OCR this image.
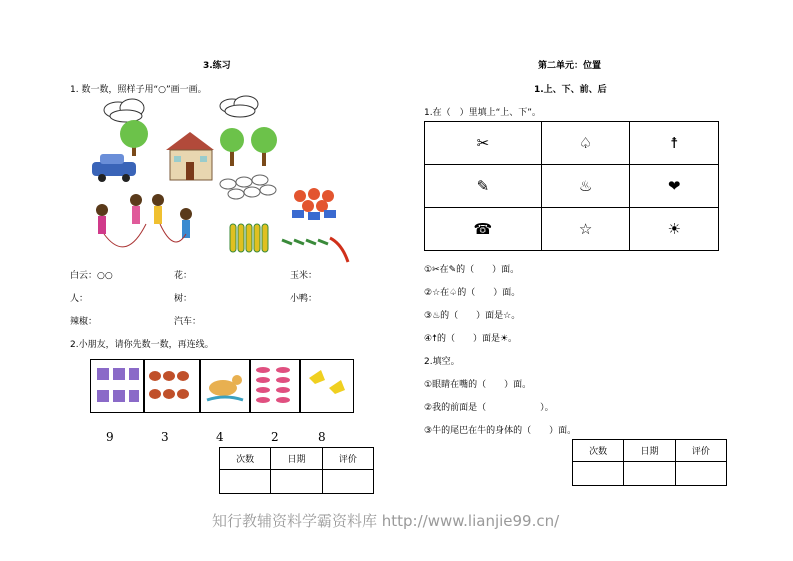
3.练习
1. 数一数，照样子用“○”画一画。
白云：○○	花：	玉米：
人：	树：	小鸭：
辣椒：	汽车：
2.小朋友，请你先数一数，再连线。
9	3	4	2	8
次数	日期	评价

第二单元：位置
1.上、下、前、后
1.在（　）里填上“上、下”。
✂	♤	☨
✎	♨	❤
☎	☆	☀
①✂在✎的（　　）面。
②☆在♤的（　　）面。
③♨的（　　）面是☆。
④☨的（　　）面是☀。
2.填空。
①眼睛在嘴的（　　）面。
②我的前面是（　　　　　　）。
③牛的尾巴在牛的身体的（　　）面。
次数	日期	评价

知行教辅资料学霸资料库 http://www.lianjie99.cn/
